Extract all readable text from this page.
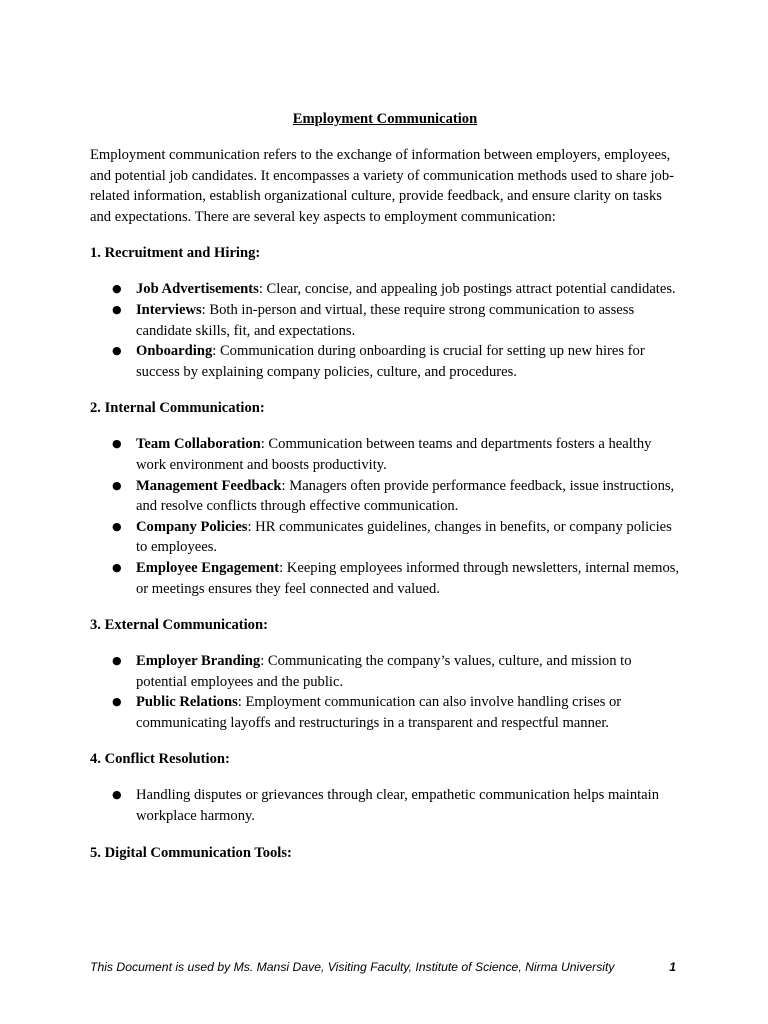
Employment Communication
Employment communication refers to the exchange of information between employers, employees, and potential job candidates. It encompasses a variety of communication methods used to share job-related information, establish organizational culture, provide feedback, and ensure clarity on tasks and expectations. There are several key aspects to employment communication:
1. Recruitment and Hiring:
● Job Advertisements: Clear, concise, and appealing job postings attract potential candidates.
● Interviews: Both in-person and virtual, these require strong communication to assess candidate skills, fit, and expectations.
● Onboarding: Communication during onboarding is crucial for setting up new hires for success by explaining company policies, culture, and procedures.
2. Internal Communication:
● Team Collaboration: Communication between teams and departments fosters a healthy work environment and boosts productivity.
● Management Feedback: Managers often provide performance feedback, issue instructions, and resolve conflicts through effective communication.
● Company Policies: HR communicates guidelines, changes in benefits, or company policies to employees.
● Employee Engagement: Keeping employees informed through newsletters, internal memos, or meetings ensures they feel connected and valued.
3. External Communication:
● Employer Branding: Communicating the company’s values, culture, and mission to potential employees and the public.
● Public Relations: Employment communication can also involve handling crises or communicating layoffs and restructurings in a transparent and respectful manner.
4. Conflict Resolution:
● Handling disputes or grievances through clear, empathetic communication helps maintain workplace harmony.
5. Digital Communication Tools:
This Document is used by Ms. Mansi Dave, Visiting Faculty, Institute of Science, Nirma University	1
